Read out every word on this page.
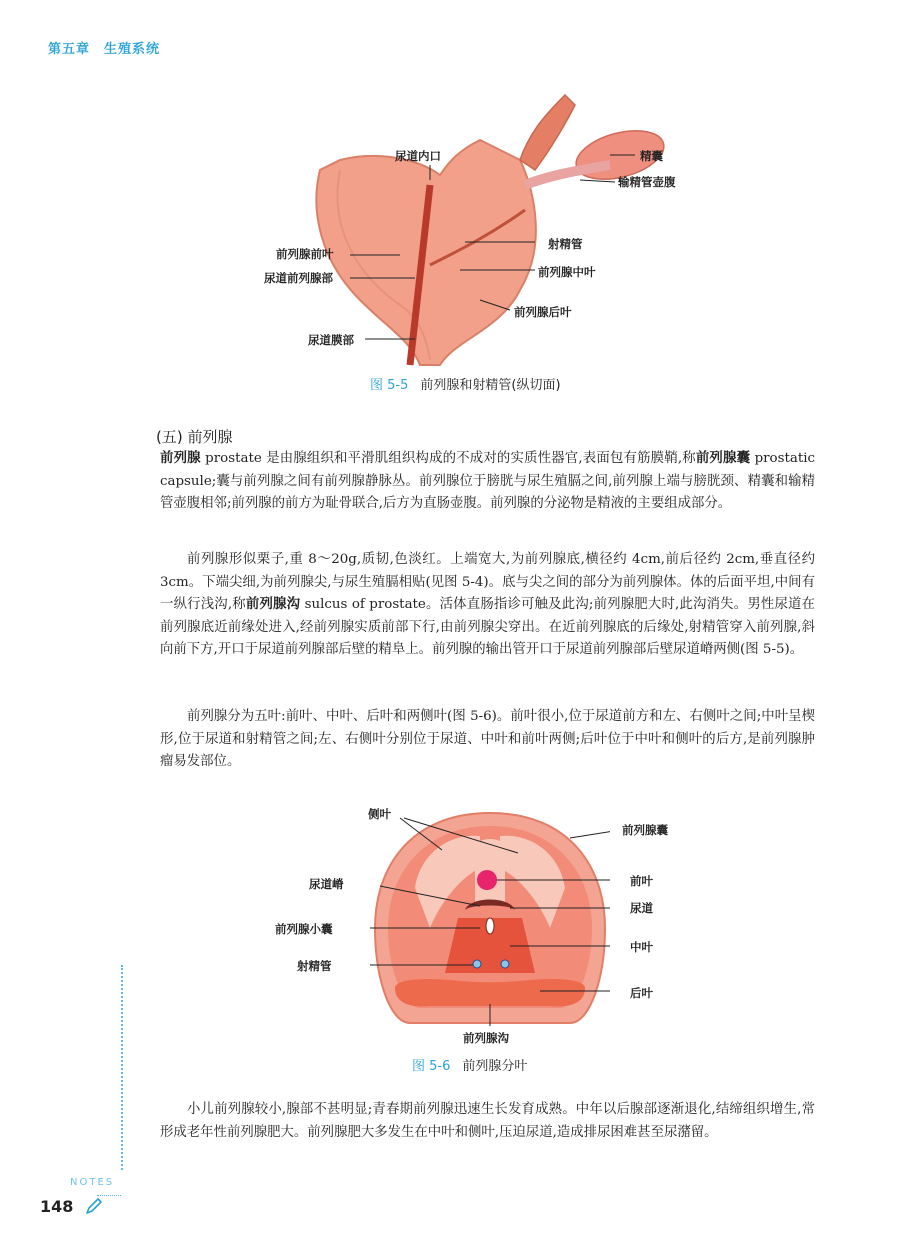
第五章　生殖系统
尿道内口	精囊
输精管壶腹
前列腺前叶
射精管
尿道前列腺部	前列腺中叶
前列腺后叶
尿道膜部
图 5-5 前列腺和射精管(纵切面)
(五) 前列腺

前列腺 prostate 是由腺组织和平滑肌组织构成的不成对的实质性器官,表面包有筋膜鞘,称前列腺囊 prostatic capsule;囊与前列腺之间有前列腺静脉丛。前列腺位于膀胱与尿生殖膈之间,前列腺上端与膀胱颈、精囊和输精管壶腹相邻;前列腺的前方为耻骨联合,后方为直肠壶腹。前列腺的分泌物是精液的主要组成部分。

前列腺形似栗子,重 8～20g,质韧,色淡红。上端宽大,为前列腺底,横径约 4cm,前后径约 2cm,垂直径约 3cm。下端尖细,为前列腺尖,与尿生殖膈相贴(见图 5-4)。底与尖之间的部分为前列腺体。体的后面平坦,中间有一纵行浅沟,称前列腺沟 sulcus of prostate。活体直肠指诊可触及此沟;前列腺肥大时,此沟消失。男性尿道在前列腺底近前缘处进入,经前列腺实质前部下行,由前列腺尖穿出。在近前列腺底的后缘处,射精管穿入前列腺,斜向前下方,开口于尿道前列腺部后壁的精阜上。前列腺的输出管开口于尿道前列腺部后壁尿道嵴两侧(图 5-5)。

前列腺分为五叶:前叶、中叶、后叶和两侧叶(图 5-6)。前叶很小,位于尿道前方和左、右侧叶之间;中叶呈楔形,位于尿道和射精管之间;左、右侧叶分别位于尿道、中叶和前叶两侧;后叶位于中叶和侧叶的后方,是前列腺肿瘤易发部位。

侧叶
前列腺囊
前叶
尿道嵴
尿道
前列腺小囊
中叶
射精管
后叶
前列腺沟
图 5-6 前列腺分叶

小儿前列腺较小,腺部不甚明显;青春期前列腺迅速生长发育成熟。中年以后腺部逐渐退化,结缔组织增生,常形成老年性前列腺肥大。前列腺肥大多发生在中叶和侧叶,压迫尿道,造成排尿困难甚至尿潴留。

NOTES
148
